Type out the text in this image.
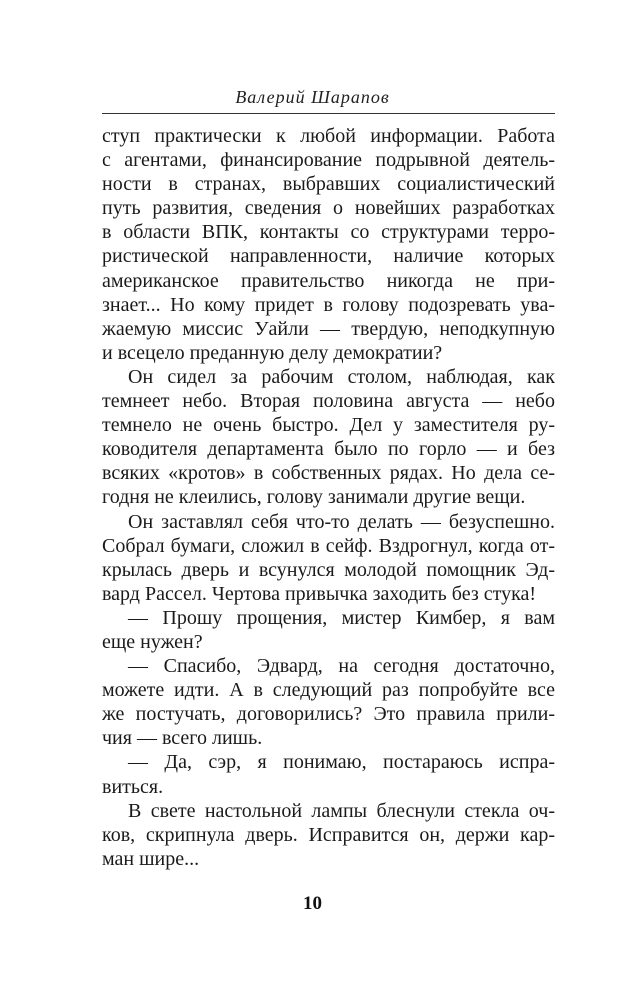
Валерий Шарапов
ступ практически к любой информации. Работа
с агентами, финансирование подрывной деятель-
ности в странах, выбравших социалистический
путь развития, сведения о новейших разработках
в области ВПК, контакты со структурами терро-
ристической направленности, наличие которых
американское правительство никогда не при-
знает... Но кому придет в голову подозревать ува-
жаемую миссис Уайли — твердую, неподкупную
и всецело преданную делу демократии?
Он сидел за рабочим столом, наблюдая, как
темнеет небо. Вторая половина августа — небо
темнело не очень быстро. Дел у заместителя ру-
ководителя департамента было по горло — и без
всяких «кротов» в собственных рядах. Но дела се-
годня не клеились, голову занимали другие вещи.
Он заставлял себя что-то делать — безуспешно.
Собрал бумаги, сложил в сейф. Вздрогнул, когда от-
крылась дверь и всунулся молодой помощник Эд-
вард Рассел. Чертова привычка заходить без стука!
— Прошу прощения, мистер Кимбер, я вам
еще нужен?
— Спасибо, Эдвард, на сегодня достаточно,
можете идти. А в следующий раз попробуйте все
же постучать, договорились? Это правила прили-
чия — всего лишь.
— Да, сэр, я понимаю, постараюсь испра-
виться.
В свете настольной лампы блеснули стекла оч-
ков, скрипнула дверь. Исправится он, держи кар-
ман шире...
10
